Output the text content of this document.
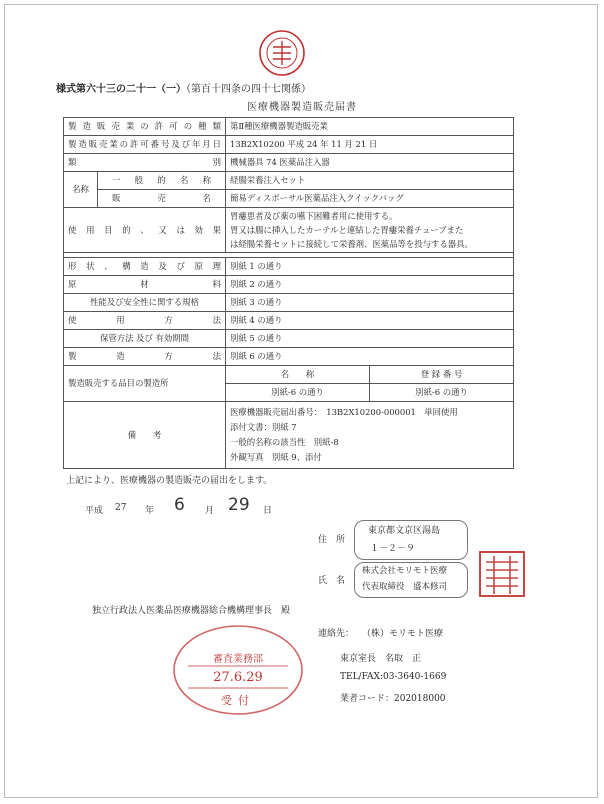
様式第六十三の二十一（一）（第百十四条の四十七関係）
医療機器製造販売届書
製造販売業の許可の種類		第Ⅱ種医療機器製造販売業	
製造販売業の許可番号及び年月日		13B2X10200 平成 24 年 11 月 21 日	
類　　別		機械器具 74 医薬品注入器	
名称	一般的名称	経腸栄養注入セット	
	販売名	簡易ディスポーサル医薬品注入クイックバッグ	
使用目的、又は効果		胃瘻患者及び薬の嚥下困難者用に使用する。
胃又は腸に挿入したカーテルと連結した胃瘻栄養チューブまた
は経腸栄養セットに接続して栄養剤、医薬品等を投与する器具。	

形状、構造及び原理		別紙 1 の通り	
原材料		別紙 2 の通り	
性能及び安全性に関する規格		別紙 3 の通り	
使用方法		別紙 4 の通り	
保管方法 及び 有効期間		別紙 5 の通り	
製造方法		別紙 6 の通り	
製造販売する品目の製造所		名　　称	登 録 番 号
		別紙-6 の通り	別紙-6 の通り
備　　考		医療機器販売届出番号：　13B2X10200-000001　単回使用
添付文書：別紙 7
一般的名称の該当性　別紙-8
外観写真　別紙 9、添付	
上記により、医療機器の製造販売の届出をします。
平成 27 年 6 月 29 日
住　所
東京都文京区湯島
１－２－９
氏　名
株式会社モリモト医療
代表取締役　盛本修司
独立行政法人医薬品医療機器総合機構理事長　殿
連絡先： （株）モリモト医療
東京室長　名取　正
TEL/FAX:03-3640-1669
業者コード：202018000
審査業務部
27.6.29
受付
